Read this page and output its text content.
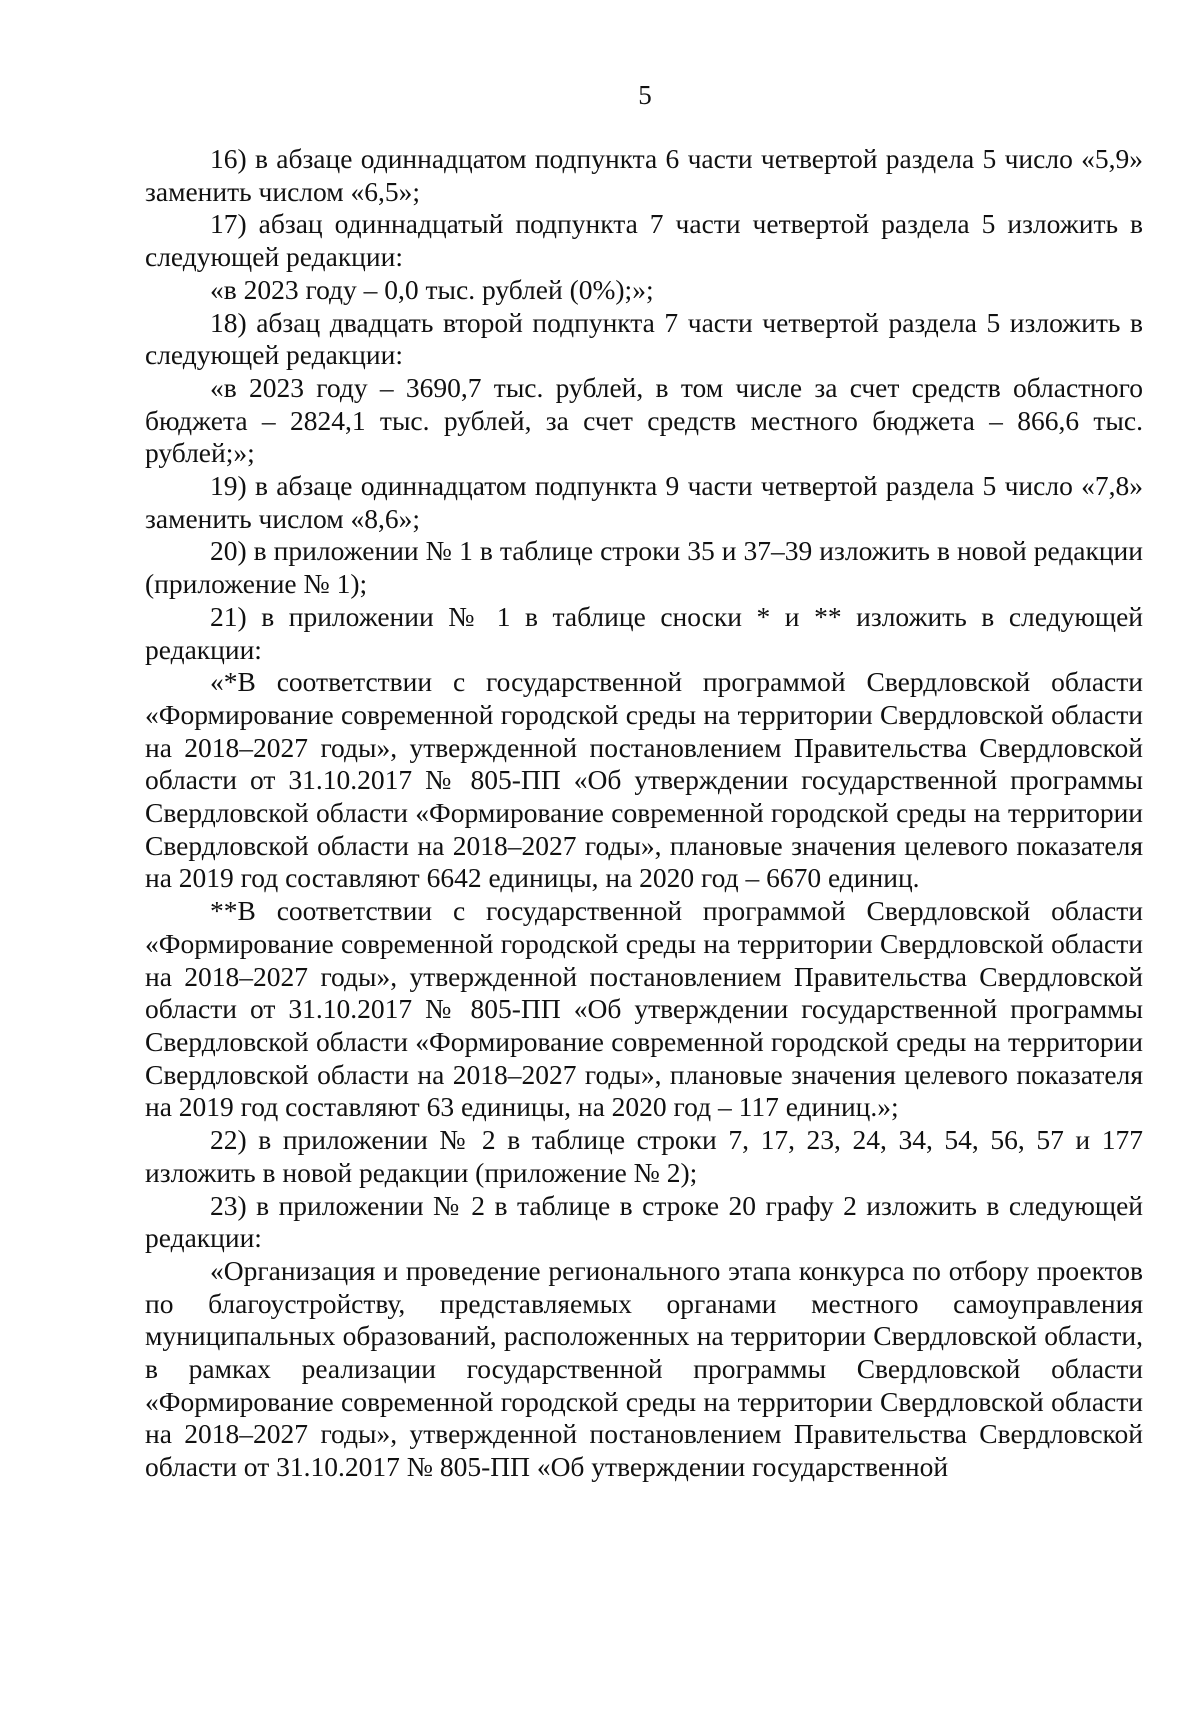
5

16) в абзаце одиннадцатом подпункта 6 части четвертой раздела 5 число «5,9» заменить числом «6,5»;

17) абзац одиннадцатый подпункта 7 части четвертой раздела 5 изложить в следующей редакции:

«в 2023 году – 0,0 тыс. рублей (0%);»;

18) абзац двадцать второй подпункта 7 части четвертой раздела 5 изложить в следующей редакции:

«в 2023 году – 3690,7 тыс. рублей, в том числе за счет средств областного бюджета – 2824,1 тыс. рублей, за счет средств местного бюджета – 866,6 тыс. рублей;»;

19) в абзаце одиннадцатом подпункта 9 части четвертой раздела 5 число «7,8» заменить числом «8,6»;

20) в приложении № 1 в таблице строки 35 и 37–39 изложить в новой редакции (приложение № 1);

21) в приложении № 1 в таблице сноски * и ** изложить в следующей редакции:

«*В соответствии с государственной программой Свердловской области «Формирование современной городской среды на территории Свердловской области на 2018–2027 годы», утвержденной постановлением Правительства Свердловской области от 31.10.2017 № 805-ПП «Об утверждении государственной программы Свердловской области «Формирование современной городской среды на территории Свердловской области на 2018–2027 годы», плановые значения целевого показателя на 2019 год составляют 6642 единицы, на 2020 год – 6670 единиц.

**В соответствии с государственной программой Свердловской области «Формирование современной городской среды на территории Свердловской области на 2018–2027 годы», утвержденной постановлением Правительства Свердловской области от 31.10.2017 № 805-ПП «Об утверждении государственной программы Свердловской области «Формирование современной городской среды на территории Свердловской области на 2018–2027 годы», плановые значения целевого показателя на 2019 год составляют 63 единицы, на 2020 год – 117 единиц.»;

22) в приложении № 2 в таблице строки 7, 17, 23, 24, 34, 54, 56, 57 и 177 изложить в новой редакции (приложение № 2);

23) в приложении № 2 в таблице в строке 20 графу 2 изложить в следующей редакции:

«Организация и проведение регионального этапа конкурса по отбору проектов по благоустройству, представляемых органами местного самоуправления муниципальных образований, расположенных на территории Свердловской области, в рамках реализации государственной программы Свердловской области «Формирование современной городской среды на территории Свердловской области на 2018–2027 годы», утвержденной постановлением Правительства Свердловской области от 31.10.2017 № 805-ПП «Об утверждении государственной
